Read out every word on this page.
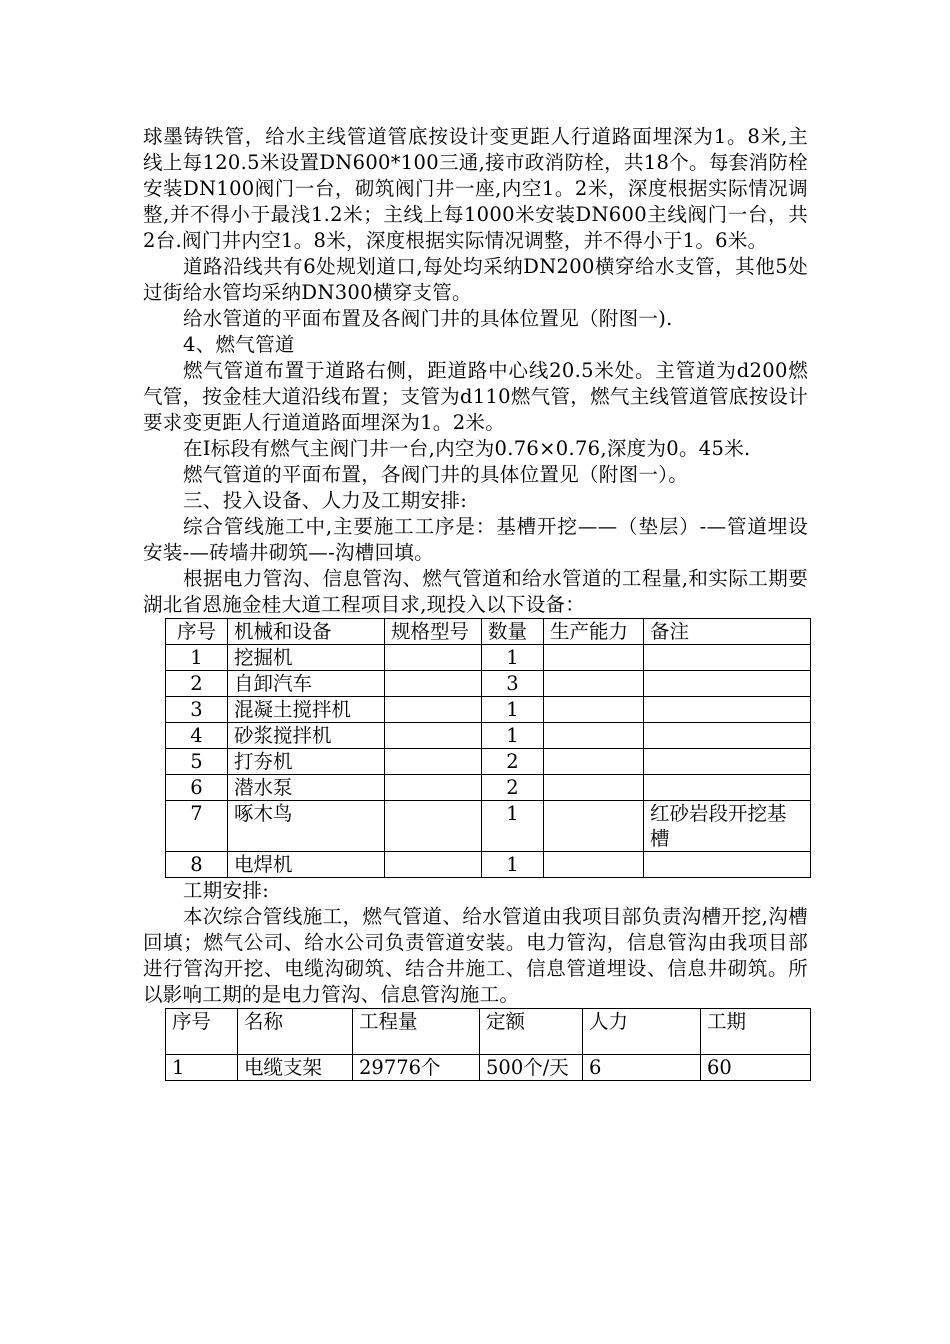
球墨铸铁管，给水主线管道管底按设计变更距人行道路面埋深为1。8米,主线上每120.5米设置DN600*100三通,接市政消防栓，共18个。每套消防栓安装DN100阀门一台，砌筑阀门井一座,内空1。2米，深度根据实际情况调整,并不得小于最浅1.2米；主线上每1000米安装DN600主线阀门一台，共2台.阀门井内空1。8米，深度根据实际情况调整，并不得小于1。6米。

道路沿线共有6处规划道口,每处均采纳DN200横穿给水支管，其他5处过街给水管均采纳DN300横穿支管。

给水管道的平面布置及各阀门井的具体位置见（附图一).

4、燃气管道

燃气管道布置于道路右侧，距道路中心线20.5米处。主管道为d200燃气管，按金桂大道沿线布置；支管为d110燃气管，燃气主线管道管底按设计要求变更距人行道道路面埋深为1。2米。

在Ⅰ标段有燃气主阀门井一台,内空为0.76×0.76,深度为0。45米.

燃气管道的平面布置，各阀门井的具体位置见（附图一）。

三、投入设备、人力及工期安排:

综合管线施工中,主要施工工序是：基槽开挖——（垫层）-—管道埋设安装-—砖墙井砌筑—-沟槽回填。

根据电力管沟、信息管沟、燃气管道和给水管道的工程量,和实际工期要湖北省恩施金桂大道工程项目求,现投入以下设备：

序号	机械和设备	规格型号	数量	生产能力	备注
1	挖掘机		1		
2	自卸汽车		3		
3	混凝土搅拌机		1		
4	砂浆搅拌机		1		
5	打夯机		2		
6	潜水泵		2		
7	啄木鸟		1		红砂岩段开挖基槽
8	电焊机		1		

工期安排:

本次综合管线施工，燃气管道、给水管道由我项目部负责沟槽开挖,沟槽回填；燃气公司、给水公司负责管道安装。电力管沟，信息管沟由我项目部进行管沟开挖、电缆沟砌筑、结合井施工、信息管道埋设、信息井砌筑。所以影响工期的是电力管沟、信息管沟施工。

序号	名称	工程量	定额	人力	工期
1	电缆支架	29776个	500个/天	6	60
